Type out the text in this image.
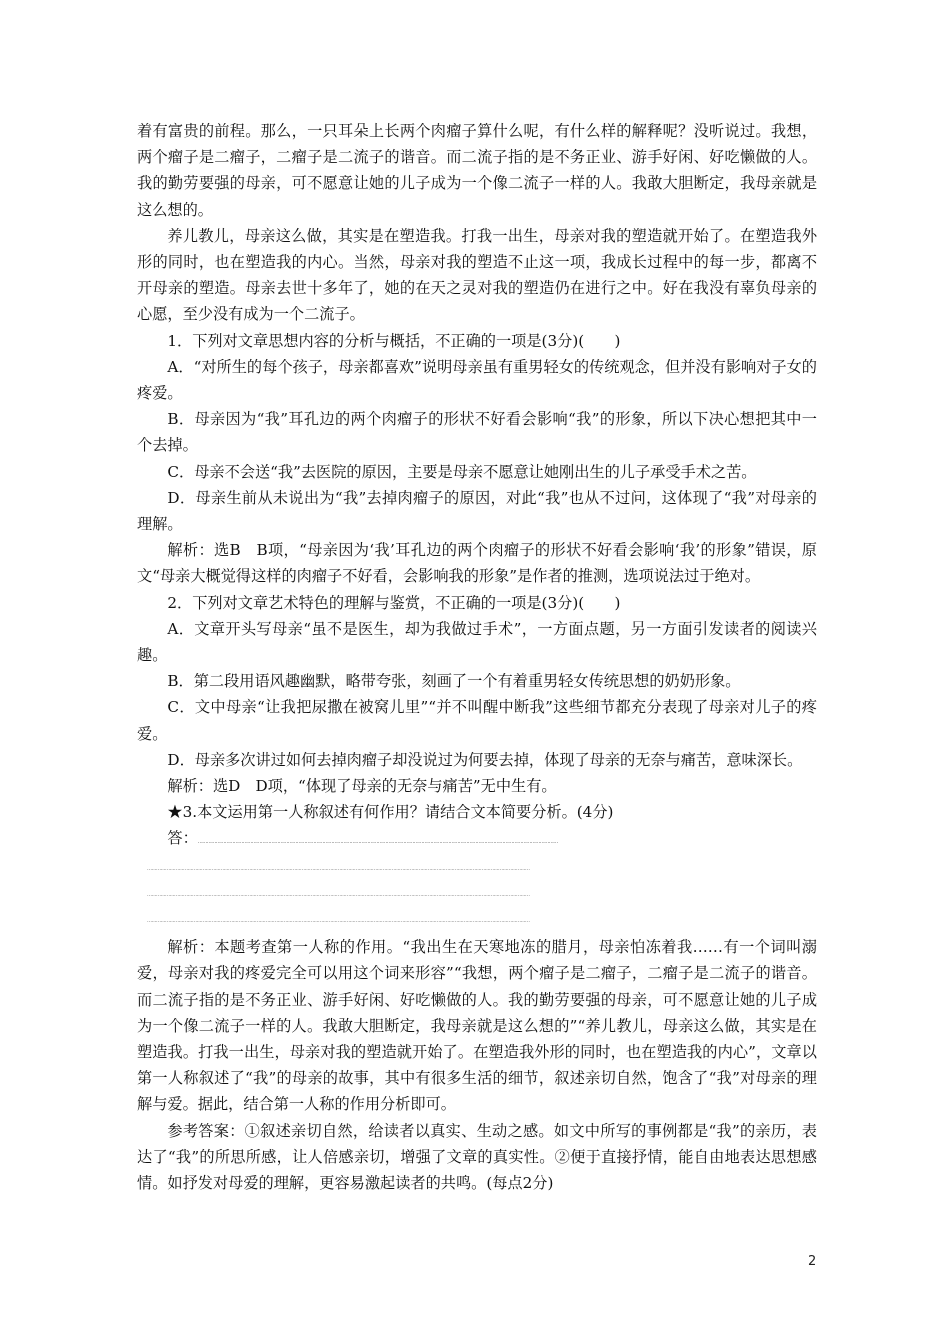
着有富贵的前程。那么，一只耳朵上长两个肉瘤子算什么呢，有什么样的解释呢？没听说过。我想，两个瘤子是二瘤子，二瘤子是二流子的谐音。而二流子指的是不务正业、游手好闲、好吃懒做的人。我的勤劳要强的母亲，可不愿意让她的儿子成为一个像二流子一样的人。我敢大胆断定，我母亲就是这么想的。

养儿教儿，母亲这么做，其实是在塑造我。打我一出生，母亲对我的塑造就开始了。在塑造我外形的同时，也在塑造我的内心。当然，母亲对我的塑造不止这一项，我成长过程中的每一步，都离不开母亲的塑造。母亲去世十多年了，她的在天之灵对我的塑造仍在进行之中。好在我没有辜负母亲的心愿，至少没有成为一个二流子。

1．下列对文章思想内容的分析与概括，不正确的一项是(3分)(　　)

A．“对所生的每个孩子，母亲都喜欢”说明母亲虽有重男轻女的传统观念，但并没有影响对子女的疼爱。

B．母亲因为“我”耳孔边的两个肉瘤子的形状不好看会影响“我”的形象，所以下决心想把其中一个去掉。

C．母亲不会送“我”去医院的原因，主要是母亲不愿意让她刚出生的儿子承受手术之苦。

D．母亲生前从未说出为“我”去掉肉瘤子的原因，对此“我”也从不过问，这体现了“我”对母亲的理解。

解析：选B　B项，“母亲因为‘我’耳孔边的两个肉瘤子的形状不好看会影响‘我’的形象”错误，原文“母亲大概觉得这样的肉瘤子不好看，会影响我的形象”是作者的推测，选项说法过于绝对。

2．下列对文章艺术特色的理解与鉴赏，不正确的一项是(3分)(　　)

A．文章开头写母亲“虽不是医生，却为我做过手术”，一方面点题，另一方面引发读者的阅读兴趣。

B．第二段用语风趣幽默，略带夸张，刻画了一个有着重男轻女传统思想的奶奶形象。

C．文中母亲“让我把尿撒在被窝儿里”“并不叫醒中断我”这些细节都充分表现了母亲对儿子的疼爱。

D．母亲多次讲过如何去掉肉瘤子却没说过为何要去掉，体现了母亲的无奈与痛苦，意味深长。

解析：选D　D项，“体现了母亲的无奈与痛苦”无中生有。

★3.本文运用第一人称叙述有何作用？请结合文本简要分析。(4分)

答：……………………………………………………………………………………………………………………………………………………………………………………………………………………

…………………………………………………………………………………………………………………………………………………………………………………………………………………………………

…………………………………………………………………………………………………………………………………………………………………………………………………………………………………

…………………………………………………………………………………………………………………………………………………………………………………………………………………………………

解析：本题考查第一人称的作用。“我出生在天寒地冻的腊月，母亲怕冻着我……有一个词叫溺爱，母亲对我的疼爱完全可以用这个词来形容”“我想，两个瘤子是二瘤子，二瘤子是二流子的谐音。而二流子指的是不务正业、游手好闲、好吃懒做的人。我的勤劳要强的母亲，可不愿意让她的儿子成为一个像二流子一样的人。我敢大胆断定，我母亲就是这么想的”“养儿教儿，母亲这么做，其实是在塑造我。打我一出生，母亲对我的塑造就开始了。在塑造我外形的同时，也在塑造我的内心”，文章以第一人称叙述了“我”的母亲的故事，其中有很多生活的细节，叙述亲切自然，饱含了“我”对母亲的理解与爱。据此，结合第一人称的作用分析即可。

参考答案：①叙述亲切自然，给读者以真实、生动之感。如文中所写的事例都是“我”的亲历，表达了“我”的所思所感，让人倍感亲切，增强了文章的真实性。②便于直接抒情，能自由地表达思想感情。如抒发对母爱的理解，更容易激起读者的共鸣。(每点2分)

2
